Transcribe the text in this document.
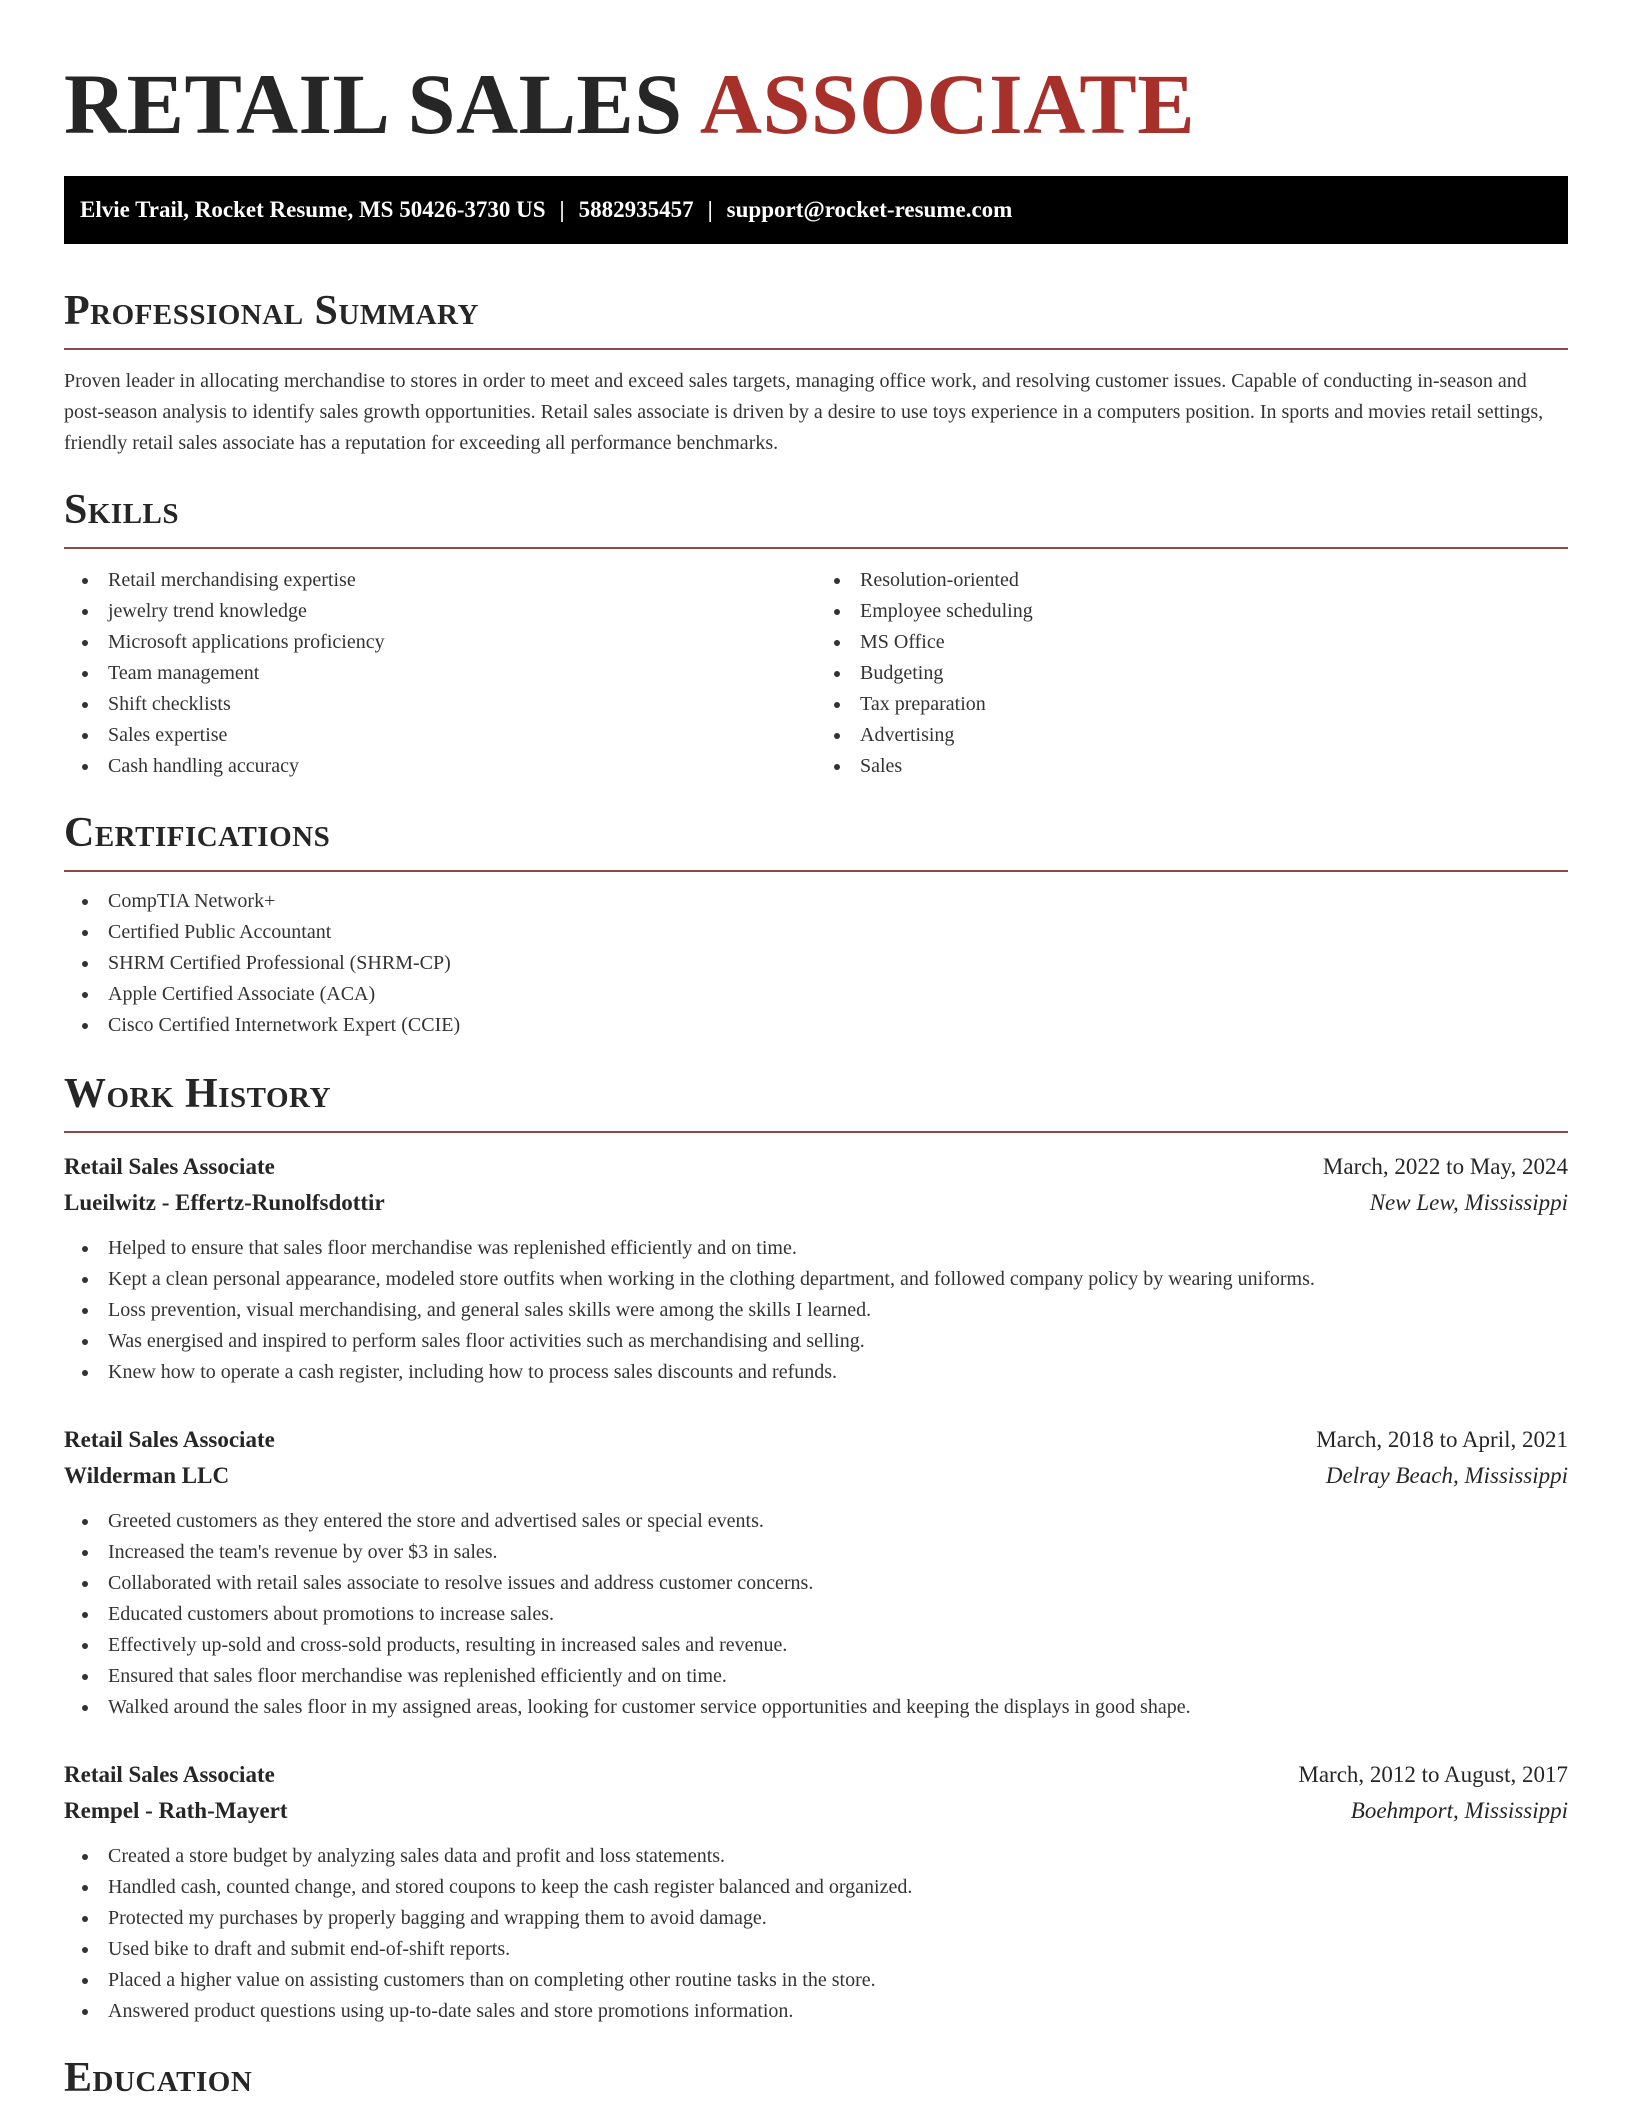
RETAIL SALES ASSOCIATE
Elvie Trail, Rocket Resume, MS 50426-3730 US | 5882935457 | support@rocket-resume.com
Professional Summary

Proven leader in allocating merchandise to stores in order to meet and exceed sales targets, managing office work, and resolving customer issues. Capable of conducting in-season and post-season analysis to identify sales growth opportunities. Retail sales associate is driven by a desire to use toys experience in a computers position. In sports and movies retail settings, friendly retail sales associate has a reputation for exceeding all performance benchmarks.

Skills
Retail merchandising expertise
jewelry trend knowledge
Microsoft applications proficiency
Team management
Shift checklists
Sales expertise
Cash handling accuracy
Resolution-oriented
Employee scheduling
MS Office
Budgeting
Tax preparation
Advertising
Sales
Certifications
CompTIA Network+
Certified Public Accountant
SHRM Certified Professional (SHRM-CP)
Apple Certified Associate (ACA)
Cisco Certified Internetwork Expert (CCIE)
Work History
Retail Sales Associate	March, 2022 to May, 2024
Lueilwitz - Effertz-Runolfsdottir	New Lew, Mississippi
Helped to ensure that sales floor merchandise was replenished efficiently and on time.
Kept a clean personal appearance, modeled store outfits when working in the clothing department, and followed company policy by wearing uniforms.
Loss prevention, visual merchandising, and general sales skills were among the skills I learned.
Was energised and inspired to perform sales floor activities such as merchandising and selling.
Knew how to operate a cash register, including how to process sales discounts and refunds.
Retail Sales Associate	March, 2018 to April, 2021
Wilderman LLC	Delray Beach, Mississippi
Greeted customers as they entered the store and advertised sales or special events.
Increased the team's revenue by over $3 in sales.
Collaborated with retail sales associate to resolve issues and address customer concerns.
Educated customers about promotions to increase sales.
Effectively up-sold and cross-sold products, resulting in increased sales and revenue.
Ensured that sales floor merchandise was replenished efficiently and on time.
Walked around the sales floor in my assigned areas, looking for customer service opportunities and keeping the displays in good shape.
Retail Sales Associate	March, 2012 to August, 2017
Rempel - Rath-Mayert	Boehmport, Mississippi
Created a store budget by analyzing sales data and profit and loss statements.
Handled cash, counted change, and stored coupons to keep the cash register balanced and organized.
Protected my purchases by properly bagging and wrapping them to avoid damage.
Used bike to draft and submit end-of-shift reports.
Placed a higher value on assisting customers than on completing other routine tasks in the store.
Answered product questions using up-to-date sales and store promotions information.
Education
